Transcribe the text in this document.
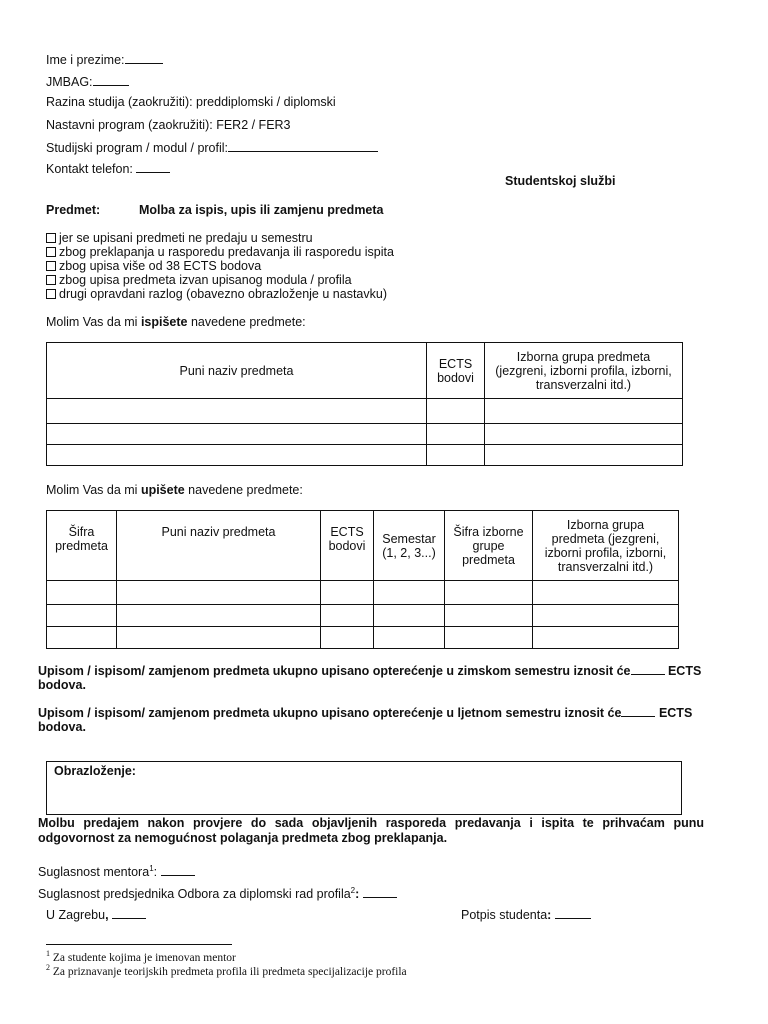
Ime i prezime:
JMBAG:
Razina studija (zaokružiti): preddiplomski / diplomski
Nastavni program (zaokružiti): FER2 / FER3
Studijski program / modul / profil:
Kontakt telefon:
Studentskoj službi
Predmet:	Molba za ispis, upis ili zamjenu predmeta
jer se upisani predmeti ne predaju u semestru
zbog preklapanja u rasporedu predavanja ili rasporedu ispita
zbog upisa više od 38 ECTS bodova
zbog upisa predmeta izvan upisanog modula / profila
drugi opravdani razlog (obavezno obrazloženje u nastavku)
Molim Vas da mi ispišete navedene predmete:
Puni naziv predmeta	ECTS
bodovi	Izborna grupa predmeta
(jezgreni, izborni profila, izborni,
transverzalni itd.)

Molim Vas da mi upišete navedene predmete:
Šifra
predmeta	Puni naziv predmeta	ECTS
bodovi	Semestar
(1, 2, 3...)	Šifra izborne
grupe
predmeta	Izborna grupa
predmeta (jezgreni,
izborni profila, izborni,
transverzalni itd.)

Upisom / ispisom/ zamjenom predmeta ukupno upisano opterećenje u zimskom semestru iznosit će	ECTS
bodova.
Upisom / ispisom/ zamjenom predmeta ukupno upisano opterećenje u ljetnom semestru iznosit će	ECTS
bodova.
Obrazloženje:
Molbu predajem nakon provjere do sada objavljenih rasporeda predavanja i ispita te prihvaćam punu odgovornost za nemogućnost polaganja predmeta zbog preklapanja.
Suglasnost mentora$^1$:
Suglasnost predsjednika Odbora za diplomski rad profila$^2$:
U Zagrebu,	Potpis studenta:
$^1$ Za studente kojima je imenovan mentor
$^2$ Za priznavanje teorijskih predmeta profila ili predmeta specijalizacije profila
